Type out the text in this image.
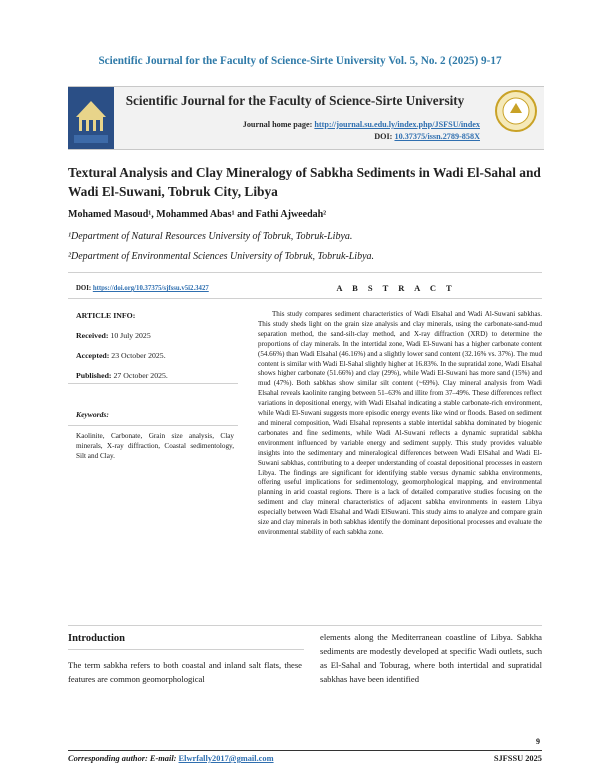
Scientific Journal for the Faculty of Science-Sirte University Vol. 5, No. 2 (2025) 9-17
Scientific Journal for the Faculty of Science-Sirte University
Journal home page: http://journal.su.edu.ly/index.php/JSFSU/index
DOI: 10.37375/issn.2789-858X
Textural Analysis and Clay Mineralogy of Sabkha Sediments in Wadi El-Sahal and Wadi El-Suwani, Tobruk City, Libya
Mohamed Masoud¹, Mohammed Abas¹ and Fathi Ajweedah²
¹Department of Natural Resources University of Tobruk, Tobruk-Libya.
²Department of Environmental Sciences University of Tobruk, Tobruk-Libya.
DOI: https://doi.org/10.37375/sjfssu.v5i2.3427	A B S T R A C T
ARTICLE INFO:
Received: 10 July 2025
Accepted: 23 October 2025.
Published: 27 October 2025.
Keywords:
Kaolinite, Carbonate, Grain size analysis, Clay minerals, X-ray diffraction, Coastal sedimentology, Silt and Clay.
This study compares sediment characteristics of Wadi Elsahal and Wadi Al-Suwani sabkhas. This study sheds light on the grain size analysis and clay minerals, using the carbonate-sand-mud separation method, the sand-silt-clay method, and X-ray diffraction (XRD) to determine the proportions of clay minerals. In the intertidal zone, Wadi El-Suwani has a higher carbonate content (54.66%) than Wadi Elsahal (46.16%) and a slightly lower sand content (32.16% vs. 37%). The mud content is similar with Wadi El-Sahal slightly higher at 16.83%. In the supratidal zone, Wadi Elsahal shows higher carbonate (51.66%) and clay (29%), while Wadi El-Suwani has more sand (15%) and mud (47%). Both sabkhas show similar silt content (~69%). Clay mineral analysis from Wadi Elsahal reveals kaolinite ranging between 51–63% and illite from 37–49%. These differences reflect variations in depositional energy, with Wadi Elsahal indicating a stable carbonate-rich environment, while Wadi El-Suwani suggests more episodic energy events like wind or floods. Based on sediment and mineral composition, Wadi Elsahal represents a stable intertidal sabkha dominated by biogenic carbonates and fine sediments, while Wadi Al-Suwani reflects a dynamic supratidal sabkha environment influenced by variable energy and sediment supply. This study provides valuable insights into the sedimentary and mineralogical differences between Wadi ElSahal and Wadi El-Suwani sabkhas, contributing to a deeper understanding of coastal depositional processes in eastern Libya. The findings are significant for identifying stable versus dynamic sabkha environments, offering useful implications for sedimentology, geomorphological mapping, and environmental planning in arid coastal regions. There is a lack of detailed comparative studies focusing on the sediment and clay mineral characteristics of adjacent sabkha environments in eastern Libya especially between Wadi Elsahal and Wadi ElSuwani. This study aims to analyze and compare grain size and clay minerals in both sabkhas identify the dominant depositional processes and evaluate the environmental stability of each sabkha zone.
Introduction
The term sabkha refers to both coastal and inland salt flats, these features are common geomorphological
elements along the Mediterranean coastline of Libya. Sabkha sediments are modestly developed at specific Wadi outlets, such as El-Sahal and Toburag, where both intertidal and supratidal sabkhas have been identified
9
Corresponding author: E-mail: Elwrfally2017@gmail.com	SJFSSU 2025
